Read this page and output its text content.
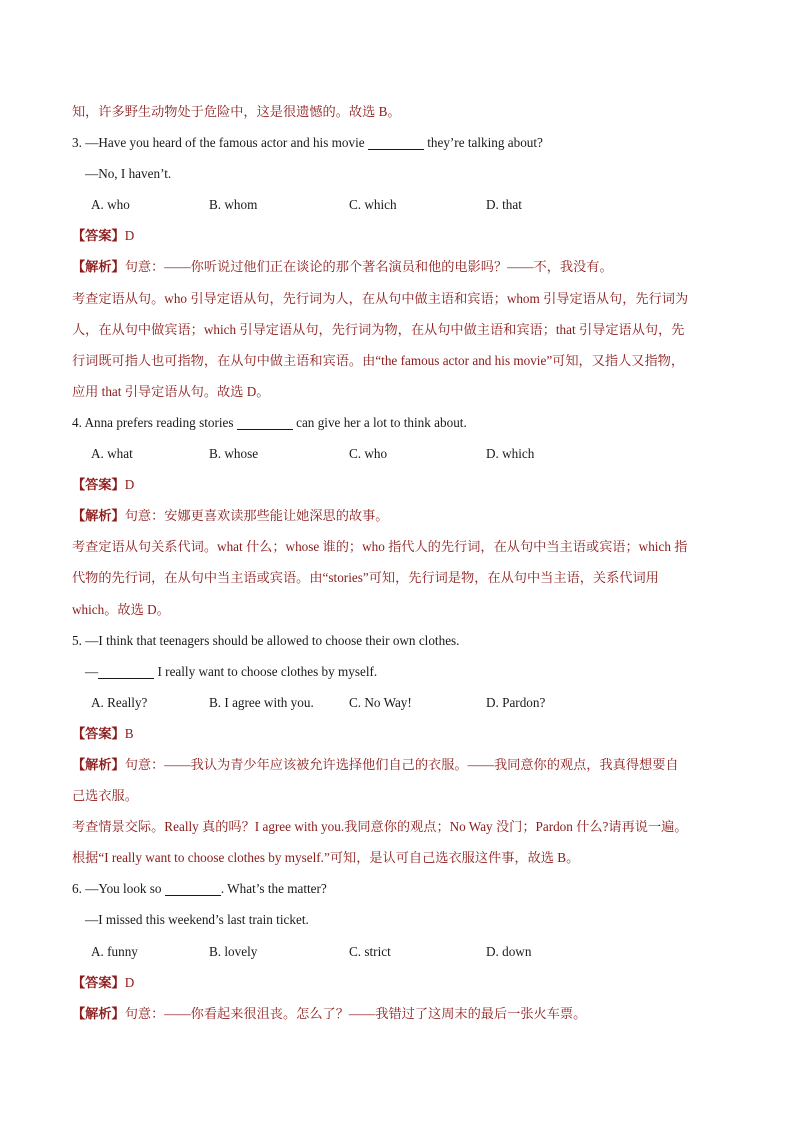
知，许多野生动物处于危险中，这是很遗憾的。故选 B。
3. —Have you heard of the famous actor and his movie	they’re talking about?
—No, I haven’t.
A. who	B. whom	C. which	D. that
【答案】D
【解析】句意：——你听说过他们正在谈论的那个著名演员和他的电影吗？——不，我没有。
考查定语从句。who 引导定语从句，先行词为人，在从句中做主语和宾语；whom 引导定语从句，先行词为
人，在从句中做宾语；which 引导定语从句，先行词为物，在从句中做主语和宾语；that 引导定语从句，先
行词既可指人也可指物，在从句中做主语和宾语。由“the famous actor and his movie”可知，又指人又指物，
应用 that 引导定语从句。故选 D。
4. Anna prefers reading stories	can give her a lot to think about.
A. what	B. whose	C. who	D. which
【答案】D
【解析】句意：安娜更喜欢读那些能让她深思的故事。
考查定语从句关系代词。what 什么；whose 谁的；who 指代人的先行词，在从句中当主语或宾语；which 指
代物的先行词，在从句中当主语或宾语。由“stories”可知，先行词是物，在从句中当主语，关系代词用
which。故选 D。
5. —I think that teenagers should be allowed to choose their own clothes.
—	I really want to choose clothes by myself.
A. Really?	B. I agree with you.	C. No Way!	D. Pardon?
【答案】B
【解析】句意：——我认为青少年应该被允许选择他们自己的衣服。——我同意你的观点，我真得想要自
己选衣服。
考查情景交际。Really 真的吗？I agree with you.我同意你的观点；No Way 没门；Pardon 什么?请再说一遍。
根据“I really want to choose clothes by myself.”可知，是认可自己选衣服这件事，故选 B。
6. —You look so	. What’s the matter?
—I missed this weekend’s last train ticket.
A. funny	B. lovely	C. strict	D. down
【答案】D
【解析】句意：——你看起来很沮丧。怎么了？——我错过了这周末的最后一张火车票。
